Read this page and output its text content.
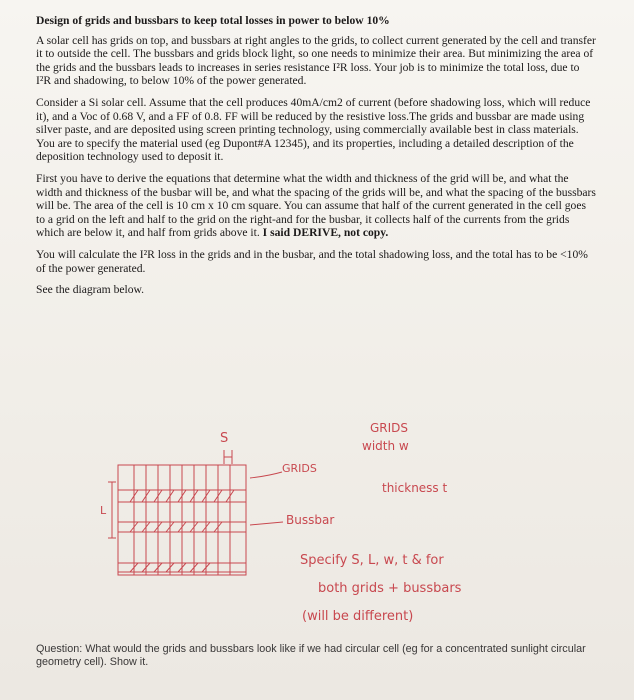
Design of grids and bussbars to keep total losses in power to below 10%

A solar cell has grids on top, and bussbars at right angles to the grids, to collect current generated by the cell and transfer it to outside the cell. The bussbars and grids block light, so one needs to minimize their area. But minimizing the area of the grids and the bussbars leads to increases in series resistance I²R loss. Your job is to minimize the total loss, due to I²R and shadowing, to below 10% of the power generated.

Consider a Si solar cell. Assume that the cell produces 40mA/cm2 of current (before shadowing loss, which will reduce it), and a Voc of 0.68 V, and a FF of 0.8. FF will be reduced by the resistive loss.The grids and bussbar are made using silver paste, and are deposited using screen printing technology, using commercially available best in class materials. You are to specify the material used (eg Dupont#A 12345), and its properties, including a detailed description of the deposition technology used to deposit it.

First you have to derive the equations that determine what the width and thickness of the grid will be, and what the width and thickness of the busbar will be, and what the spacing of the grids will be, and what the spacing of the bussbars will be. The area of the cell is 10 cm x 10 cm square. You can assume that half of the current generated in the cell goes to a grid on the left and half to the grid on the right-and for the busbar, it collects half of the currents from the grids which are below it, and half from grids above it. I said DERIVE, not copy.

You will calculate the I²R loss in the grids and in the busbar, and the total shadowing loss, and the total has to be <10% of the power generated.

See the diagram below.

S
GRIDS
GRIDS
width w
thickness t
Bussbar
Specify S, L, w, t & for
both grids + bussbars
(will be different)
L
Question: What would the grids and bussbars look like if we had circular cell (eg for a concentrated sunlight circular geometry cell). Show it.
